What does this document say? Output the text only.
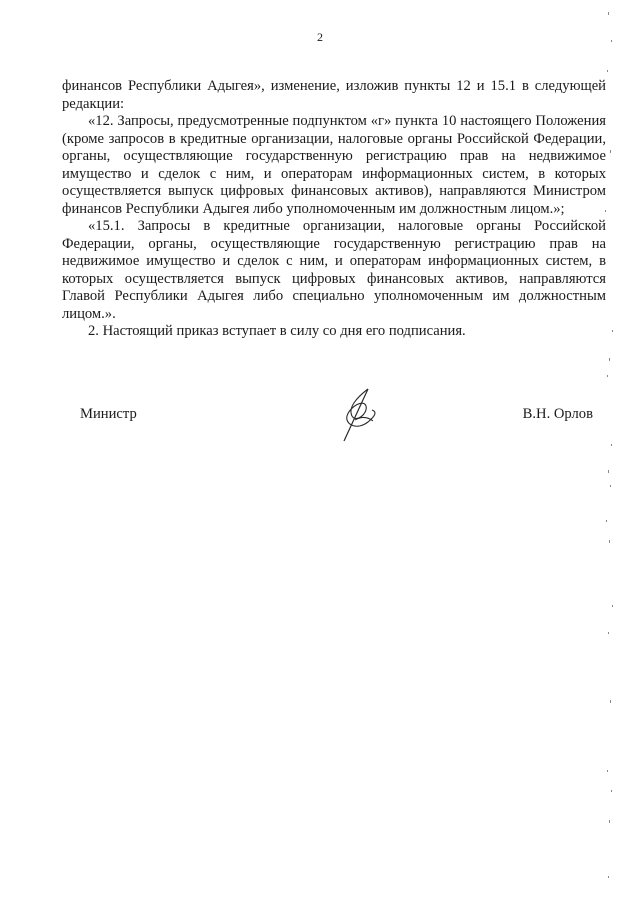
2

финансов Республики Адыгея», изменение, изложив пункты 12 и 15.1 в следующей редакции:

«12. Запросы, предусмотренные подпунктом «г» пункта 10 настоящего Положения (кроме запросов в кредитные организации, налоговые органы Российской Федерации, органы, осуществляющие государственную регистрацию прав на недвижимое имущество и сделок с ним, и операторам информационных систем, в которых осуществляется выпуск цифровых финансовых активов), направляются Министром финансов Республики Адыгея либо уполномоченным им должностным лицом.»;

«15.1. Запросы в кредитные организации, налоговые органы Российской Федерации, органы, осуществляющие государственную регистрацию прав на недвижимое имущество и сделок с ним, и операторам информационных систем, в которых осуществляется выпуск цифровых финансовых активов, направляются Главой Республики Адыгея либо специально уполномоченным им должностным лицом.».

2. Настоящий приказ вступает в силу со дня его подписания.

Министр	В.Н. Орлов
